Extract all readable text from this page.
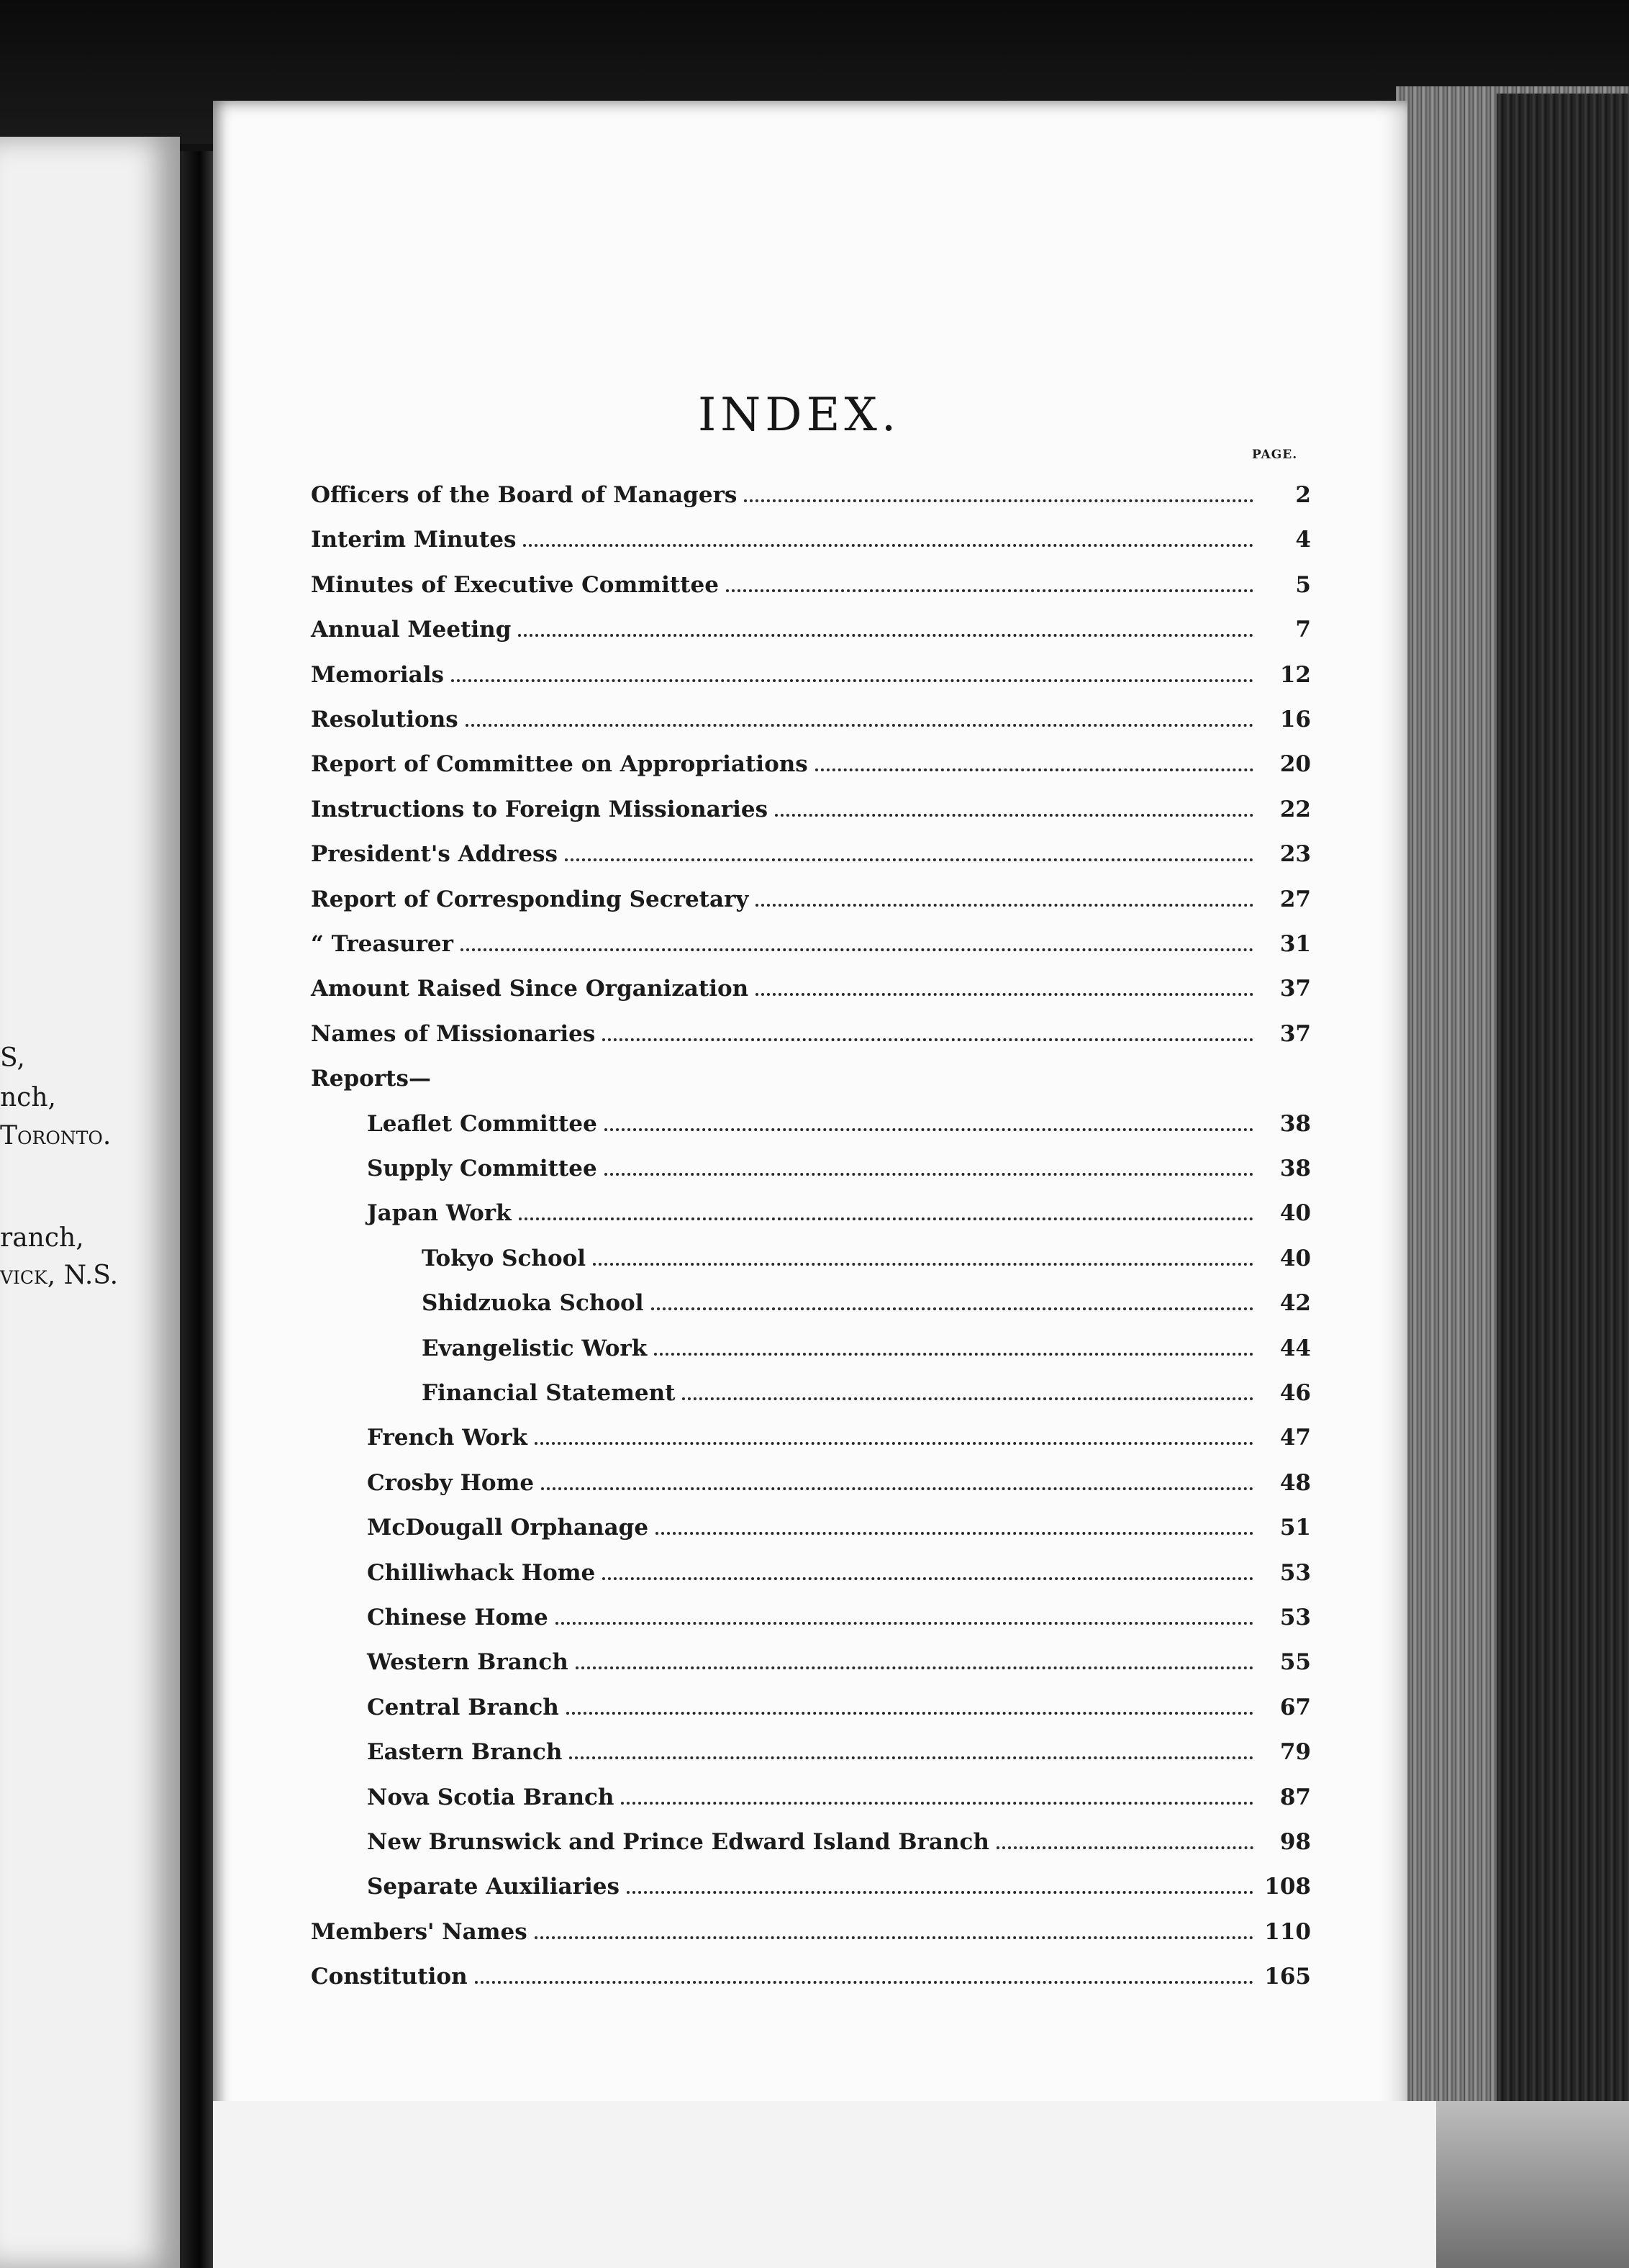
S,
nch,
Toronto.
ranch,
vick, N.S.
INDEX.
PAGE.
Officers of the Board of Managers	2
Interim Minutes	4
Minutes of Executive Committee	5
Annual Meeting	7
Memorials	12
Resolutions	16
Report of Committee on Appropriations	20
Instructions to Foreign Missionaries	22
President's Address	23
Report of Corresponding Secretary	27
“ Treasurer	31
Amount Raised Since Organization	37
Names of Missionaries	37
Reports—
Leaflet Committee	38
Supply Committee	38
Japan Work	40
Tokyo School	40
Shidzuoka School	42
Evangelistic Work	44
Financial Statement	46
French Work	47
Crosby Home	48
McDougall Orphanage	51
Chilliwhack Home	53
Chinese Home	53
Western Branch	55
Central Branch	67
Eastern Branch	79
Nova Scotia Branch	87
New Brunswick and Prince Edward Island Branch	98
Separate Auxiliaries	108
Members' Names	110
Constitution	165
